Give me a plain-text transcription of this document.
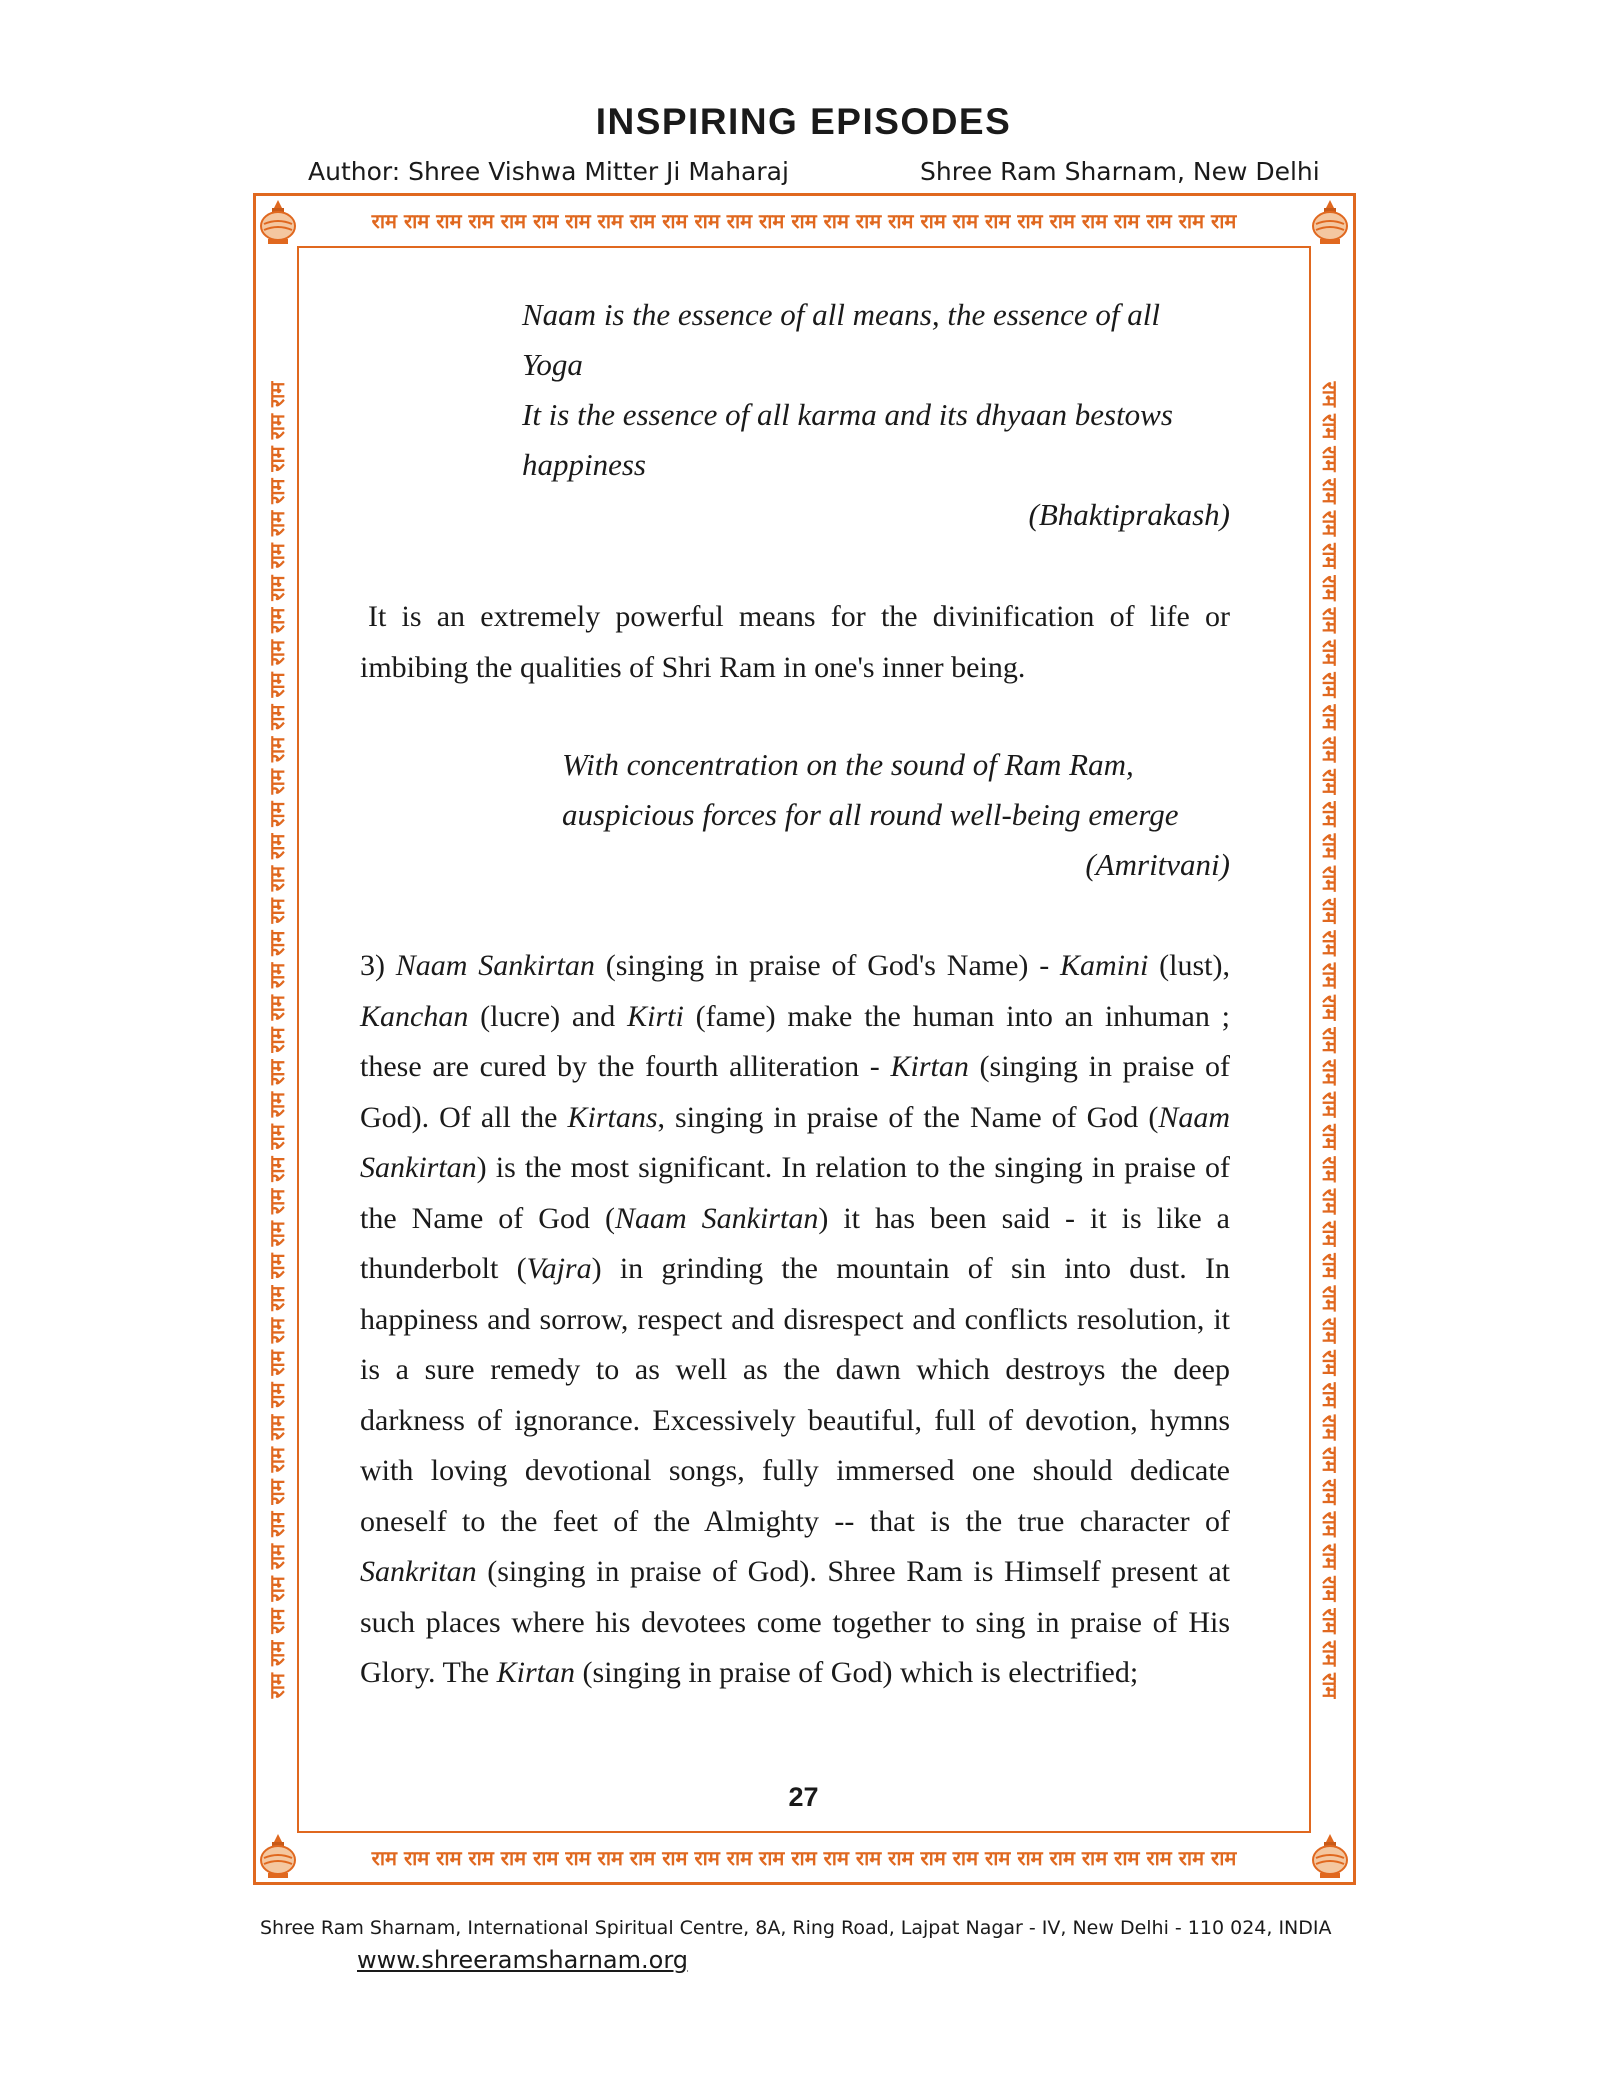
INSPIRING EPISODES
Author: Shree Vishwa Mitter Ji Maharaj	Shree Ram Sharnam, New Delhi
राम राम राम राम राम राम राम राम राम राम राम राम राम राम राम राम राम राम राम राम राम राम राम राम राम राम राम
राम राम राम राम राम राम राम राम राम राम राम राम राम राम राम राम राम राम राम राम राम राम राम राम राम राम राम
राम राम राम राम राम राम राम राम राम राम राम राम राम राम राम राम राम राम राम राम राम राम राम राम राम राम राम राम राम राम राम राम राम राम राम राम राम राम राम राम राम	राम राम राम राम राम राम राम राम राम राम राम राम राम राम राम राम राम राम राम राम राम राम राम राम राम राम राम राम राम राम राम राम राम राम राम राम राम राम राम राम राम
Naam is the essence of all means, the essence of all
Yoga
It is the essence of all karma and its dhyaan bestows
happiness
(Bhaktiprakash)
It is an extremely powerful means for the divinification of life or imbibing the qualities of Shri Ram in one's inner being.
With concentration on the sound of Ram Ram,
auspicious forces for all round well-being emerge
(Amritvani)
3) Naam Sankirtan (singing in praise of God's Name) - Kamini (lust), Kanchan (lucre) and Kirti (fame) make the human into an inhuman ; these are cured by the fourth alliteration - Kirtan (singing in praise of God). Of all the Kirtans, singing in praise of the Name of God (Naam Sankirtan) is the most significant. In relation to the singing in praise of the Name of God (Naam Sankirtan) it has been said - it is like a thunderbolt (Vajra) in grinding the mountain of sin into dust. In happiness and sorrow, respect and disrespect and conflicts resolution, it is a sure remedy to as well as the dawn which destroys the deep darkness of ignorance. Excessively beautiful, full of devotion, hymns with loving devotional songs, fully immersed one should dedicate oneself to the feet of the Almighty -- that is the true character of Sankritan (singing in praise of God). Shree Ram is Himself present at such places where his devotees come together to sing in praise of His Glory. The Kirtan (singing in praise of God) which is electrified;
27
Shree Ram Sharnam, International Spiritual Centre, 8A, Ring Road, Lajpat Nagar - IV, New Delhi - 110 024, INDIA
www.shreeramsharnam.org
